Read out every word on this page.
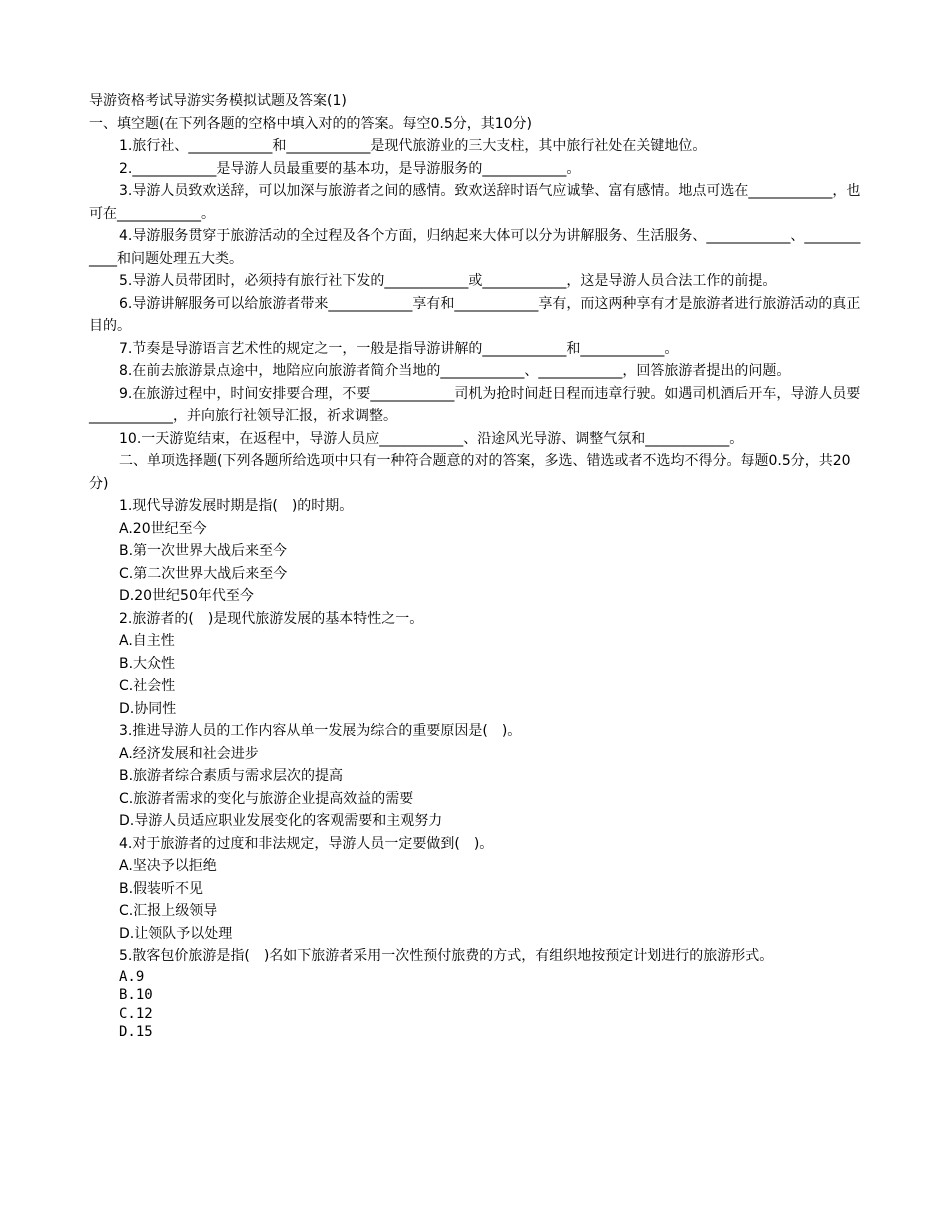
导游资格考试导游实务模拟试题及答案(1)
一、填空题(在下列各题的空格中填入对的的答案。每空0.5分，其10分)
1.旅行社、____________和____________是现代旅游业的三大支柱，其中旅行社处在关键地位。
2.____________是导游人员最重要的基本功，是导游服务的____________。
3.导游人员致欢送辞，可以加深与旅游者之间的感情。致欢送辞时语气应诚挚、富有感情。地点可选在____________，也可在____________。
4.导游服务贯穿于旅游活动的全过程及各个方面，归纳起来大体可以分为讲解服务、生活服务、____________、____________和问题处理五大类。
5.导游人员带团时，必须持有旅行社下发的____________或____________，这是导游人员合法工作的前提。
6.导游讲解服务可以给旅游者带来____________享有和____________享有，而这两种享有才是旅游者进行旅游活动的真正目的。
7.节奏是导游语言艺术性的规定之一，一般是指导游讲解的____________和____________。
8.在前去旅游景点途中，地陪应向旅游者简介当地的____________、____________，回答旅游者提出的问题。
9.在旅游过程中，时间安排要合理，不要____________司机为抢时间赶日程而违章行驶。如遇司机酒后开车，导游人员要____________，并向旅行社领导汇报，祈求调整。
10.一天游览结束，在返程中，导游人员应____________、沿途风光导游、调整气氛和____________。
二、单项选择题(下列各题所给选项中只有一种符合题意的对的答案，多选、错选或者不选均不得分。每题0.5分，共20分)
1.现代导游发展时期是指(　)的时期。
A.20世纪至今
B.第一次世界大战后来至今
C.第二次世界大战后来至今
D.20世纪50年代至今
2.旅游者的(　)是现代旅游发展的基本特性之一。
A.自主性
B.大众性
C.社会性
D.协同性
3.推进导游人员的工作内容从单一发展为综合的重要原因是(　)。
A.经济发展和社会进步
B.旅游者综合素质与需求层次的提高
C.旅游者需求的变化与旅游企业提高效益的需要
D.导游人员适应职业发展变化的客观需要和主观努力
4.对于旅游者的过度和非法规定，导游人员一定要做到(　)。
A.坚决予以拒绝
B.假装听不见
C.汇报上级领导
D.让领队予以处理
5.散客包价旅游是指(　)名如下旅游者采用一次性预付旅费的方式，有组织地按预定计划进行的旅游形式。
A.9
B.10
C.12
D.15
